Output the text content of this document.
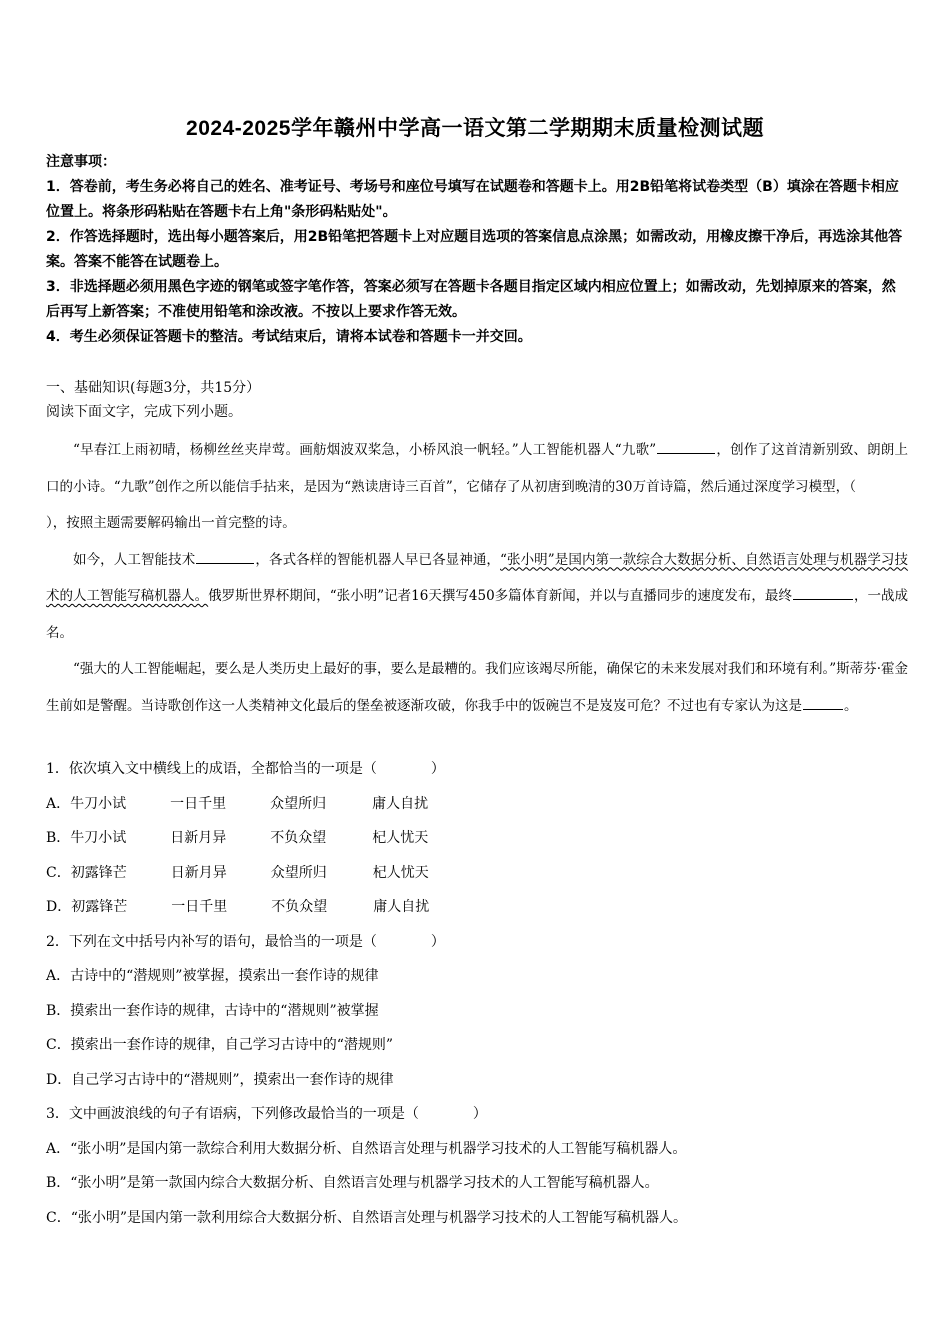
2024-2025学年赣州中学高一语文第二学期期末质量检测试题

注意事项：

1．答卷前，考生务必将自己的姓名、准考证号、考场号和座位号填写在试题卷和答题卡上。用2B铅笔将试卷类型（B）填涂在答题卡相应位置上。将条形码粘贴在答题卡右上角"条形码粘贴处"。

2．作答选择题时，选出每小题答案后，用2B铅笔把答题卡上对应题目选项的答案信息点涂黑；如需改动，用橡皮擦干净后，再选涂其他答案。答案不能答在试题卷上。

3．非选择题必须用黑色字迹的钢笔或签字笔作答，答案必须写在答题卡各题目指定区域内相应位置上；如需改动，先划掉原来的答案，然后再写上新答案；不准使用铅笔和涂改液。不按以上要求作答无效。

4．考生必须保证答题卡的整洁。考试结束后，请将本试卷和答题卡一并交回。

一、基础知识(每题3分，共15分）

阅读下面文字，完成下列小题。

“早春江上雨初晴，杨柳丝丝夹岸莺。画舫烟波双桨急，小桥风浪一帆轻。”人工智能机器人“九歌”	，创作了这首清新别致、朗朗上口的小诗。“九歌”创作之所以能信手拈来，是因为“熟读唐诗三百首”，它储存了从初唐到晚清的30万首诗篇，然后通过深度学习模型，（），按照主题需要解码输出一首完整的诗。

如今，人工智能技术	，各式各样的智能机器人早已各显神通，“张小明”是国内第一款综合大数据分析、自然语言处理与机器学习技术的人工智能写稿机器人。俄罗斯世界杯期间，“张小明”记者16天撰写450多篇体育新闻，并以与直播同步的速度发布，最终	，一战成名。

“强大的人工智能崛起，要么是人类历史上最好的事，要么是最糟的。我们应该竭尽所能，确保它的未来发展对我们和环境有利。”斯蒂芬·霍金生前如是警醒。当诗歌创作这一人类精神文化最后的堡垒被逐渐攻破，你我手中的饭碗岂不是岌岌可危？不过也有专家认为这是	。

1．依次填入文中横线上的成语，全都恰当的一项是（	）
A．牛刀小试	一日千里	众望所归	庸人自扰
B．牛刀小试	日新月异	不负众望	杞人忧天
C．初露锋芒	日新月异	众望所归	杞人忧天
D．初露锋芒	一日千里	不负众望	庸人自扰
2．下列在文中括号内补写的语句，最恰当的一项是（	）
A．古诗中的“潜规则”被掌握，摸索出一套作诗的规律
B．摸索出一套作诗的规律，古诗中的“潜规则”被掌握
C．摸索出一套作诗的规律，自己学习古诗中的“潜规则”
D．自己学习古诗中的“潜规则”，摸索出一套作诗的规律
3．文中画波浪线的句子有语病，下列修改最恰当的一项是（	）
A．“张小明”是国内第一款综合利用大数据分析、自然语言处理与机器学习技术的人工智能写稿机器人。
B．“张小明”是第一款国内综合大数据分析、自然语言处理与机器学习技术的人工智能写稿机器人。
C．“张小明”是国内第一款利用综合大数据分析、自然语言处理与机器学习技术的人工智能写稿机器人。
